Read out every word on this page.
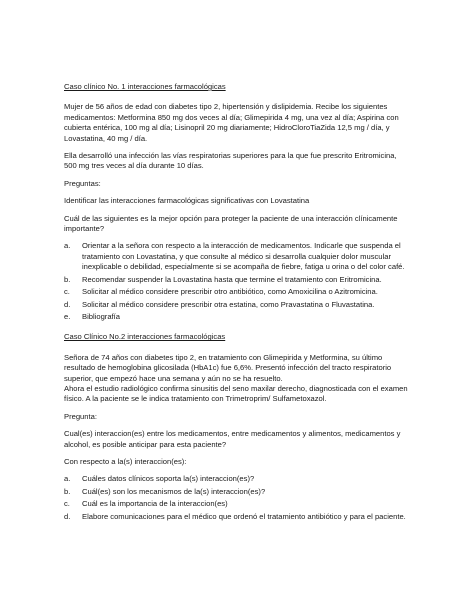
Caso clínico No. 1 interacciones farmacológicas

Mujer de 56 años de edad con diabetes tipo 2, hipertensión y dislipidemia. Recibe los siguientes medicamentos: Metformina 850 mg dos veces al día; Glimepirida 4 mg, una vez al día; Aspirina con cubierta entérica, 100 mg al día; Lisinopril 20 mg diariamente; HidroCloroTiaZida 12,5 mg / día, y Lovastatina, 40 mg / día.

Ella desarrolló una infección las vías respiratorias superiores para la que fue prescrito Eritromicina, 500 mg tres veces al día durante 10 días.

Preguntas:

Identificar las interacciones farmacológicas significativas con Lovastatina

Cuál de las siguientes es la mejor opción para proteger la paciente de una interacción clínicamente importante?

a. Orientar a la señora con respecto a la interacción de medicamentos. Indicarle que suspenda el tratamiento con Lovastatina, y que consulte al médico si desarrolla cualquier dolor muscular inexplicable o debilidad, especialmente si se acompaña de fiebre, fatiga u orina o del color café.
b. Recomendar suspender la Lovastatina hasta que termine el tratamiento con Eritromicina.
c. Solicitar al médico considere prescribir otro antibiótico, como Amoxicilina o Azitromicina.
d. Solicitar al médico considere prescribir otra estatina, como Pravastatina o Fluvastatina.
e. Bibliografía
Caso Clínico No.2 interacciones farmacológicas

Señora de 74 años con diabetes tipo 2, en tratamiento con Glimepirida y Metformina, su último resultado de hemoglobina glicosilada (HbA1c) fue 6,6%. Presentó infección del tracto respiratorio superior, que empezó hace una semana y aún no se ha resuelto.

Ahora el estudio radiológico confirma sinusitis del seno maxilar derecho, diagnosticada con el examen físico. A la paciente se le indica tratamiento con Trimetroprim/ Sulfametoxazol.

Pregunta:

Cual(es) interaccion(es) entre los medicamentos, entre medicamentos y alimentos, medicamentos y alcohol, es posible anticipar para esta paciente?

Con respecto a la(s) interaccion(es):

a. Cuáles datos clínicos soporta la(s) interaccion(es)?
b. Cuál(es) son los mecanismos de la(s) interaccion(es)?
c. Cuál es la importancia de la interaccion(es)
d. Elabore comunicaciones para el médico que ordenó el tratamiento antibiótico y para el paciente.
